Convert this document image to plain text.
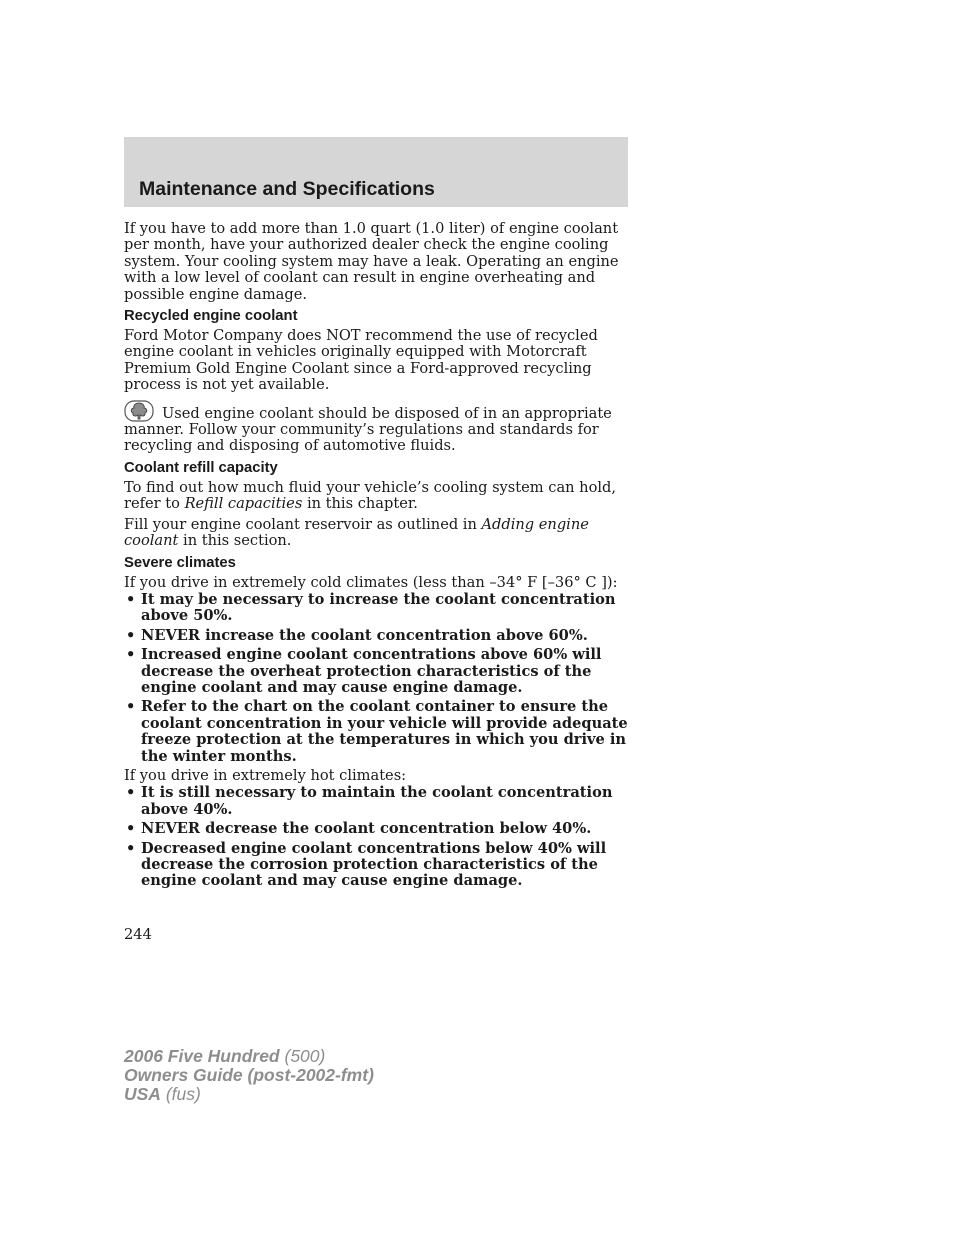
Maintenance and Specifications

If you have to add more than 1.0 quart (1.0 liter) of engine coolant per month, have your authorized dealer check the engine cooling system. Your cooling system may have a leak. Operating an engine with a low level of coolant can result in engine overheating and possible engine damage.

Recycled engine coolant

Ford Motor Company does NOT recommend the use of recycled engine coolant in vehicles originally equipped with Motorcraft Premium Gold Engine Coolant since a Ford-approved recycling process is not yet available.

Used engine coolant should be disposed of in an appropriate manner. Follow your community’s regulations and standards for recycling and disposing of automotive fluids.

Coolant refill capacity

To find out how much fluid your vehicle’s cooling system can hold, refer to Refill capacities in this chapter.

Fill your engine coolant reservoir as outlined in Adding engine coolant in this section.

Severe climates

If you drive in extremely cold climates (less than –34° F [–36° C ]):

• It may be necessary to increase the coolant concentration above 50%.
• NEVER increase the coolant concentration above 60%.
• Increased engine coolant concentrations above 60% will decrease the overheat protection characteristics of the engine coolant and may cause engine damage.
• Refer to the chart on the coolant container to ensure the coolant concentration in your vehicle will provide adequate freeze protection at the temperatures in which you drive in the winter months.

If you drive in extremely hot climates:

• It is still necessary to maintain the coolant concentration above 40%.
• NEVER decrease the coolant concentration below 40%.
• Decreased engine coolant concentrations below 40% will decrease the corrosion protection characteristics of the engine coolant and may cause engine damage.

244

2006 Five Hundred (500)
Owners Guide (post-2002-fmt)
USA (fus)
